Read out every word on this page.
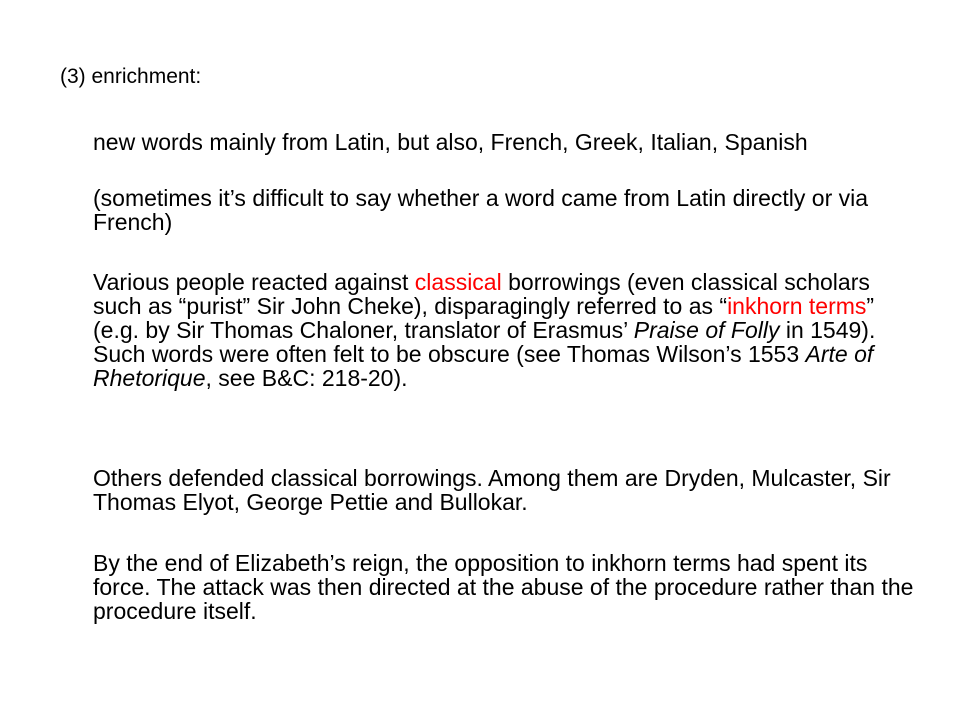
(3) enrichment:

new words mainly from Latin, but also, French, Greek, Italian, Spanish

(sometimes it’s difficult to say whether a word came from Latin directly or via French)

Various people reacted against classical borrowings (even classical scholars such as “purist” Sir John Cheke), disparagingly referred to as “inkhorn terms” (e.g. by Sir Thomas Chaloner, translator of Erasmus’ Praise of Folly in 1549). Such words were often felt to be obscure (see Thomas Wilson’s 1553 Arte of Rhetorique, see B&C: 218-20).

Others defended classical borrowings. Among them are Dryden, Mulcaster, Sir Thomas Elyot, George Pettie and Bullokar.

By the end of Elizabeth’s reign, the opposition to inkhorn terms had spent its force. The attack was then directed at the abuse of the procedure rather than the procedure itself.
